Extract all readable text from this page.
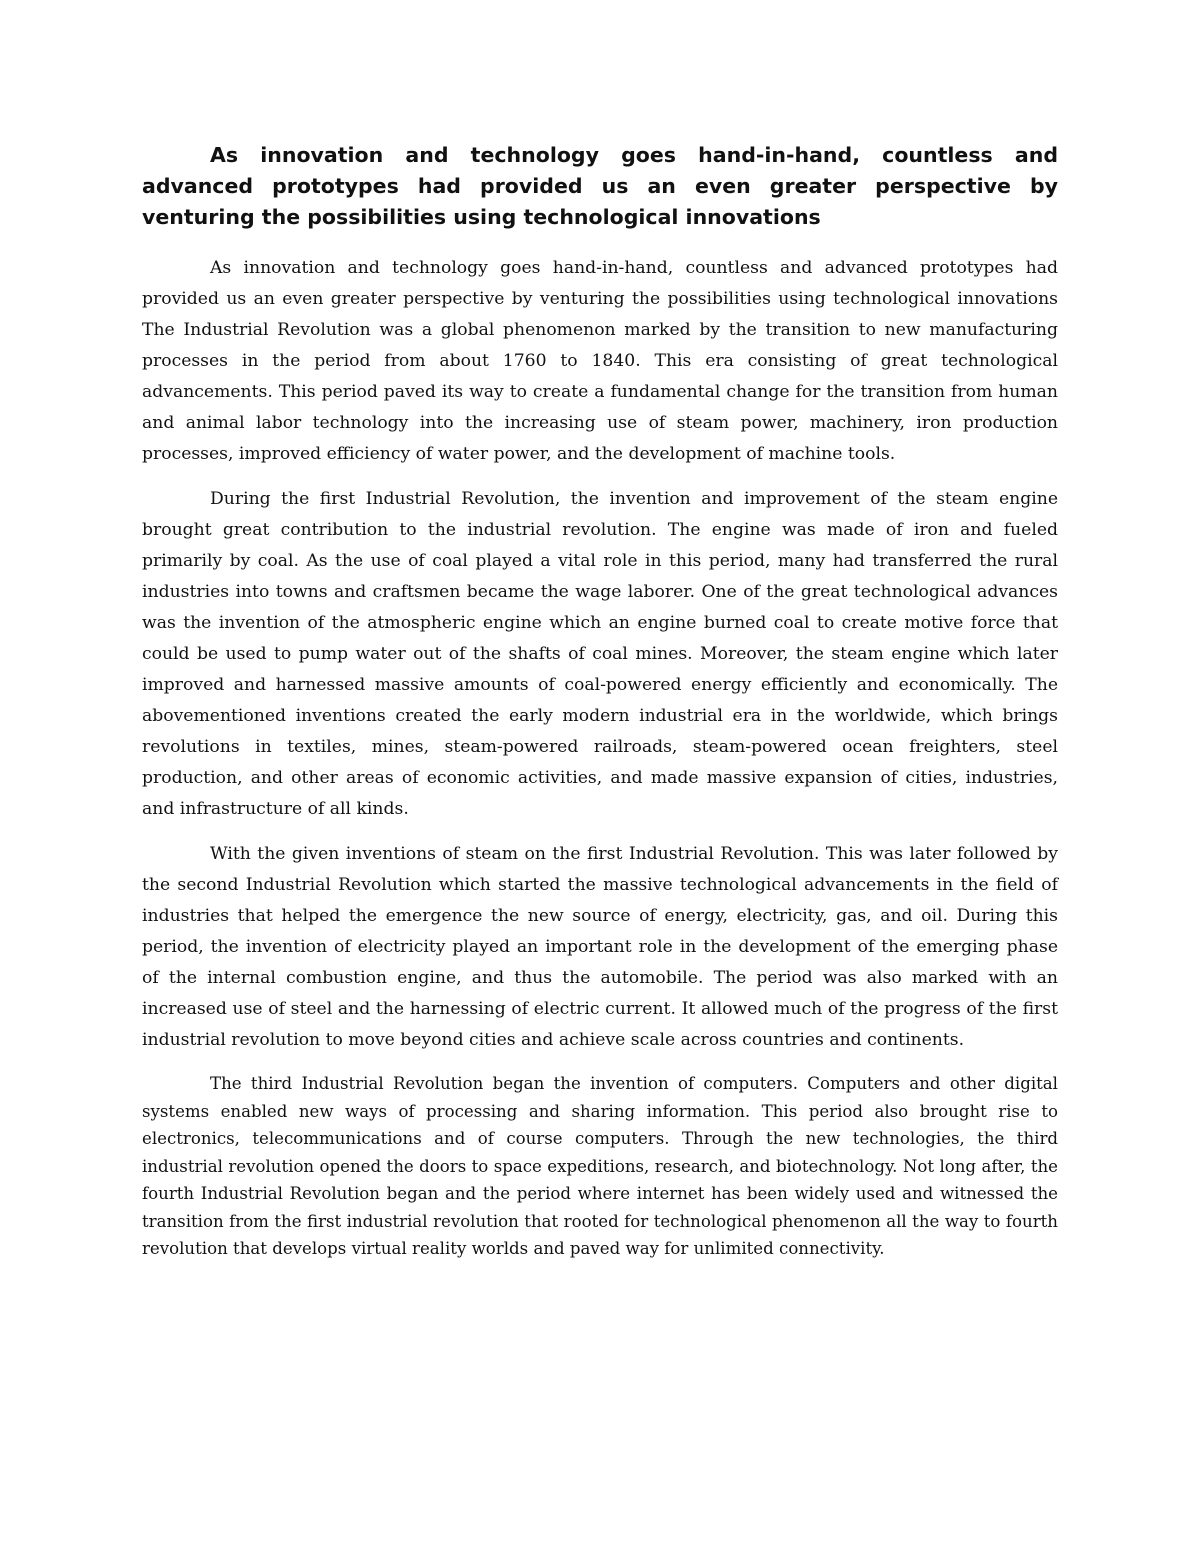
As innovation and technology goes hand-in-hand, countless and advanced prototypes had provided us an even greater perspective by venturing the possibilities using technological innovations

As innovation and technology goes hand-in-hand, countless and advanced prototypes had provided us an even greater perspective by venturing the possibilities using technological innovations The Industrial Revolution was a global phenomenon marked by the transition to new manufacturing processes in the period from about 1760 to 1840. This era consisting of great technological advancements. This period paved its way to create a fundamental change for the transition from human and animal labor technology into the increasing use of steam power, machinery, iron production processes, improved efficiency of water power, and the development of machine tools.

During the first Industrial Revolution, the invention and improvement of the steam engine brought great contribution to the industrial revolution. The engine was made of iron and fueled primarily by coal. As the use of coal played a vital role in this period, many had transferred the rural industries into towns and craftsmen became the wage laborer. One of the great technological advances was the invention of the atmospheric engine which an engine burned coal to create motive force that could be used to pump water out of the shafts of coal mines. Moreover, the steam engine which later improved and harnessed massive amounts of coal-powered energy efficiently and economically. The abovementioned inventions created the early modern industrial era in the worldwide, which brings revolutions in textiles, mines, steam-powered railroads, steam-powered ocean freighters, steel production, and other areas of economic activities, and made massive expansion of cities, industries, and infrastructure of all kinds.

With the given inventions of steam on the first Industrial Revolution. This was later followed by the second Industrial Revolution which started the massive technological advancements in the field of industries that helped the emergence the new source of energy, electricity, gas, and oil. During this period, the invention of electricity played an important role in the development of the emerging phase of the internal combustion engine, and thus the automobile. The period was also marked with an increased use of steel and the harnessing of electric current. It allowed much of the progress of the first industrial revolution to move beyond cities and achieve scale across countries and continents.

The third Industrial Revolution began the invention of computers. Computers and other digital systems enabled new ways of processing and sharing information. This period also brought rise to electronics, telecommunications and of course computers. Through the new technologies, the third industrial revolution opened the doors to space expeditions, research, and biotechnology. Not long after, the fourth Industrial Revolution began and the period where internet has been widely used and witnessed the transition from the first industrial revolution that rooted for technological phenomenon all the way to fourth revolution that develops virtual reality worlds and paved way for unlimited connectivity.
